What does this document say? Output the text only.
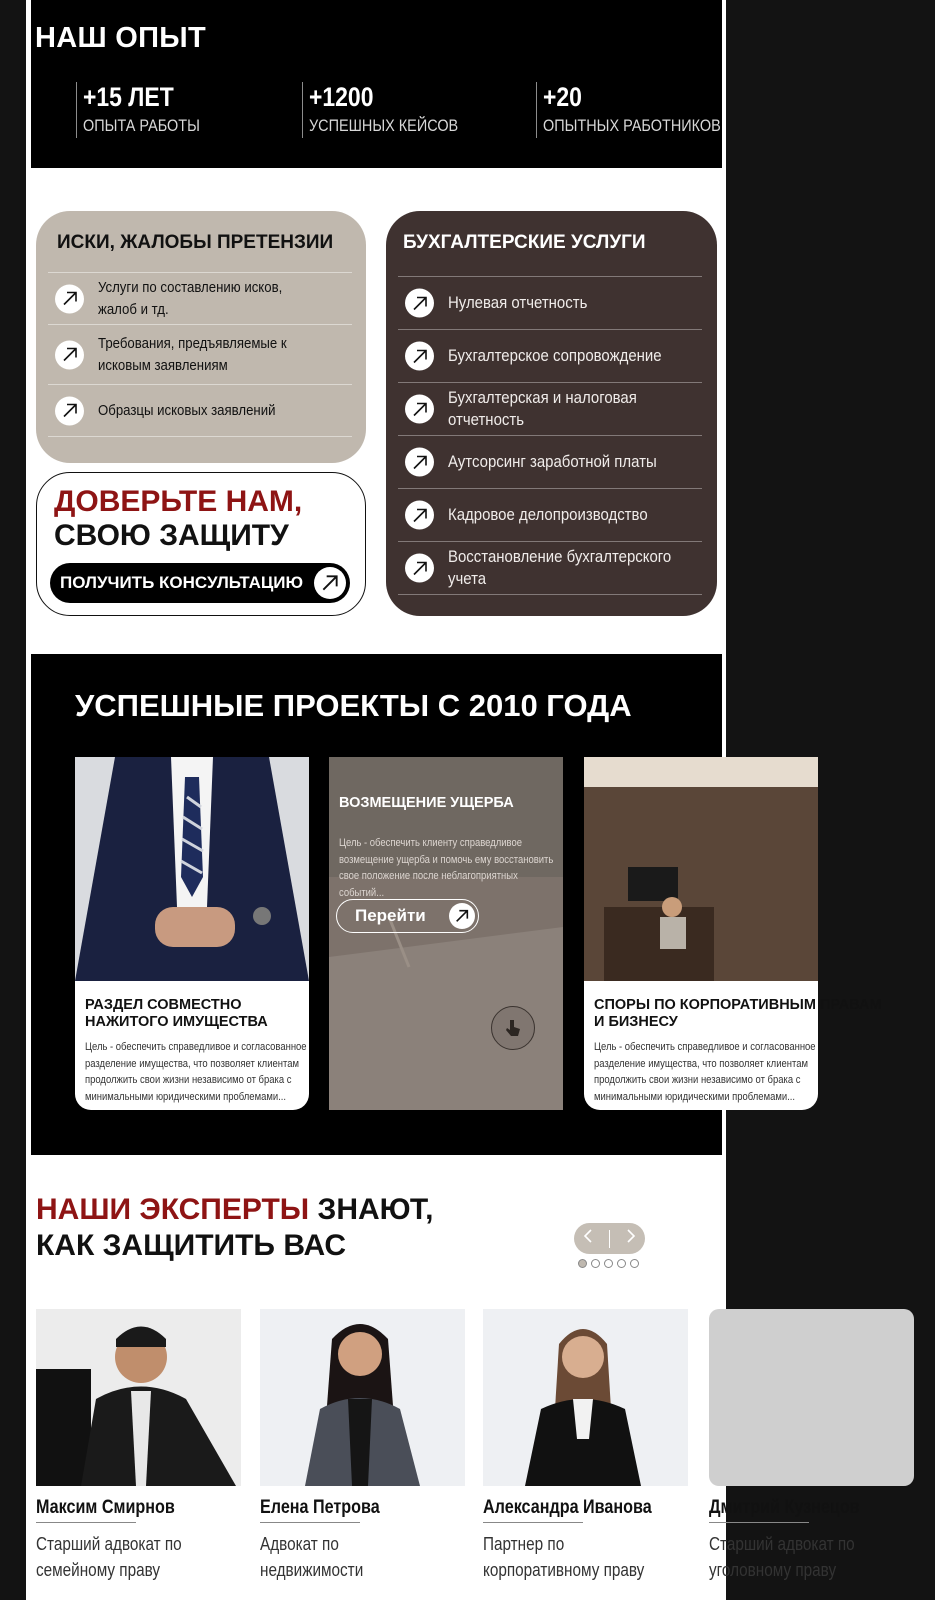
НАШ ОПЫТ
+15 ЛЕТ
ОПЫТА РАБОТЫ
+1200
УСПЕШНЫХ КЕЙСОВ
+20
ОПЫТНЫХ РАБОТНИКОВ
ИСКИ, ЖАЛОБЫ ПРЕТЕНЗИИ
Услуги по составлению исков, жалоб и тд.
Требования, предъявляемые к исковым заявлениям
Образцы исковых заявлений
БУХГАЛТЕРСКИЕ УСЛУГИ
Нулевая отчетность
Бухгалтерское сопровождение
Бухгалтерская и налоговая отчетность
Аутсорсинг заработной платы
Кадровое делопроизводство
Восстановление бухгалтерского учета
ДОВЕРЬТЕ НАМ,
СВОЮ ЗАЩИТУ
ПОЛУЧИТЬ КОНСУЛЬТАЦИЮ
УСПЕШНЫЕ ПРОЕКТЫ С 2010 ГОДА
РАЗДЕЛ СОВМЕСТНО НАЖИТОГО ИМУЩЕСТВА
Цель - обеспечить справедливое и согласованное разделение имущества, что позволяет клиентам продолжить свои жизни независимо от брака с минимальными юридическими проблемами...
ВОЗМЕЩЕНИЕ УЩЕРБА
Цель - обеспечить клиенту справедливое возмещение ущерба и помочь ему восстановить свое положение после неблагоприятных событий...
Перейти
СПОРЫ ПО КОРПОРАТИВНЫМ ПРАВАМ И БИЗНЕСУ
Цель - обеспечить справедливое и согласованное разделение имущества, что позволяет клиентам продолжить свои жизни независимо от брака с минимальными юридическими проблемами...
НАШИ ЭКСПЕРТЫ ЗНАЮТ,
КАК ЗАЩИТИТЬ ВАС
Максим Смирнов
Старший адвокат по семейному праву
Елена Петрова
Адвокат по недвижимости
Александра Иванова
Партнер по корпоративному праву
Дмитрий Кузнецов
Старший адвокат по уголовному праву
